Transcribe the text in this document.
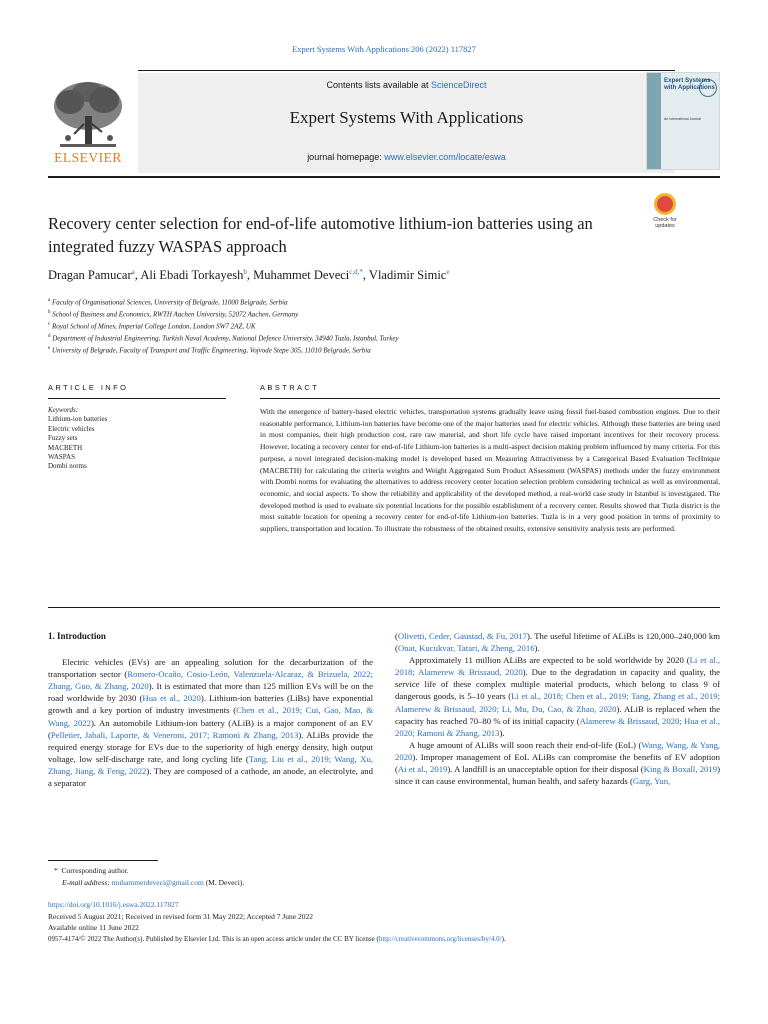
Expert Systems With Applications 206 (2022) 117827
ELSEVIER
Contents lists available at ScienceDirect
Expert Systems With Applications
journal homepage: www.elsevier.com/locate/eswa
Expert Systems with Applications
An International Journal
Recovery center selection for end-of-life automotive lithium-ion batteries using an integrated fuzzy WASPAS approach
Check for updates
Dragan Pamucar$^a$, Ali Ebadi Torkayesh$^b$, Muhammet Deveci$^{c,d,*}$, Vladimir Simic$^e$
$^a$ Faculty of Organisational Sciences, University of Belgrade, 11000 Belgrade, Serbia
$^b$ School of Business and Economics, RWTH Aachen University, 52072 Aachen, Germany
$^c$ Royal School of Mines, Imperial College London, London SW7 2AZ, UK
$^d$ Department of Industrial Engineering, Turkish Naval Academy, National Defence University, 34940 Tuzla, Istanbul, Turkey
$^e$ University of Belgrade, Faculty of Transport and Traffic Engineering, Vojvode Stepe 305, 11010 Belgrade, Serbia
ARTICLE INFO	ABSTRACT
Keywords:
Lithium-ion batteries
Electric vehicles
Fuzzy sets
MACBETH
WASPAS
Dombi norms
With the emergence of battery-based electric vehicles, transportation systems gradually leave using fossil fuel-based combustion engines. Due to their reasonable performance, Lithium-ion batteries have become one of the major batteries used for electric vehicles. Although these batteries are being used in most companies, their high production cost, rare raw material, and short life cycle have raised important incentives for their recovery process. However, locating a recovery center for end-of-life Lithium-ion batteries is a multi-aspect decision making problem influenced by many criteria. For this purpose, a novel integrated decision-making model is developed based on Measuring Attractiveness by a Categorical Based Evaluation TecHnique (MACBETH) for calculating the criteria weights and Weight Aggregated Sum Product ASsessment (WASPAS) methods under the fuzzy environment with Dombi norms for evaluating the alternatives to address recovery center location selection problem considering technical as well as environmental, economic, and social aspects. To show the reliability and applicability of the developed method, a real-world case study in Istanbul is investigated. The developed method is used to evaluate six potential locations for the possible establishment of a recovery center. Results showed that Tuzla district is the most suitable location for opening a recovery center for end-of-life Lithium-ion batteries. Tuzla is in a very good position in terms of proximity to suppliers, transportation and location. To illustrate the robustness of the obtained results, extensive sensitivity analysis tests are performed.
1. Introduction

Electric vehicles (EVs) are an appealing solution for the decarburization of the transportation sector (Romero-Ocaño, Cosio-León, Valenzuela-Alcaraz, & Brizuela, 2022; Zhang, Guo, & Zhang, 2020). It is estimated that more than 125 million EVs will be on the road worldwide by 2030 (Hua et al., 2020). Lithium-ion batteries (LiBs) have exponential growth and a key portion of industry investments (Chen et al., 2019; Cui, Gao, Mao, & Wang, 2022). An automobile Lithium-ion battery (ALiB) is a major component of an EV (Pelletier, Jabali, Laporte, & Veneroni, 2017; Ramoni & Zhang, 2013). ALiBs provide the required energy storage for EVs due to the superiority of high energy density, high output voltage, low self-discharge rate, and long cycling life (Tang, Liu et al., 2019; Wang, Xu, Zhang, Jiang, & Feng, 2022). They are composed of a cathode, an anode, an electrolyte, and a separator

(Olivetti, Ceder, Gaustad, & Fu, 2017). The useful lifetime of ALiBs is 120,000–240,000 km (Onat, Kucukvar, Tatari, & Zheng, 2016).

Approximately 11 million ALiBs are expected to be sold worldwide by 2020 (Li et al., 2018; Alamerew & Brissaud, 2020). Due to the degradation in capacity and quality, the service life of these complex multiple material products, which belong to class 9 of dangerous goods, is 5–10 years (Li et al., 2018; Chen et al., 2019; Tang, Zhang et al., 2019; Alamerew & Brissaud, 2020; Li, Mu, Du, Cao, & Zhao, 2020). ALiB is replaced when the capacity has reached 70–80 % of its initial capacity (Alamerew & Brissaud, 2020; Hua et al., 2020; Ramoni & Zhang, 2013).

A huge amount of ALiBs will soon reach their end-of-life (EoL) (Wang, Wang, & Yang, 2020). Improper management of EoL ALiBs can compromise the benefits of EV adoption (Ai et al., 2019). A landfill is an unacceptable option for their disposal (King & Boxall, 2019) since it can cause environmental, human health, and safety hazards (Garg, Yun,

* Corresponding author.
E-mail address: muhammetdeveci@gmail.com (M. Deveci).
https://doi.org/10.1016/j.eswa.2022.117827
Received 5 August 2021; Received in revised form 31 May 2022; Accepted 7 June 2022
Available online 11 June 2022
0957-4174/© 2022 The Author(s). Published by Elsevier Ltd. This is an open access article under the CC BY license (http://creativecommons.org/licenses/by/4.0/).
